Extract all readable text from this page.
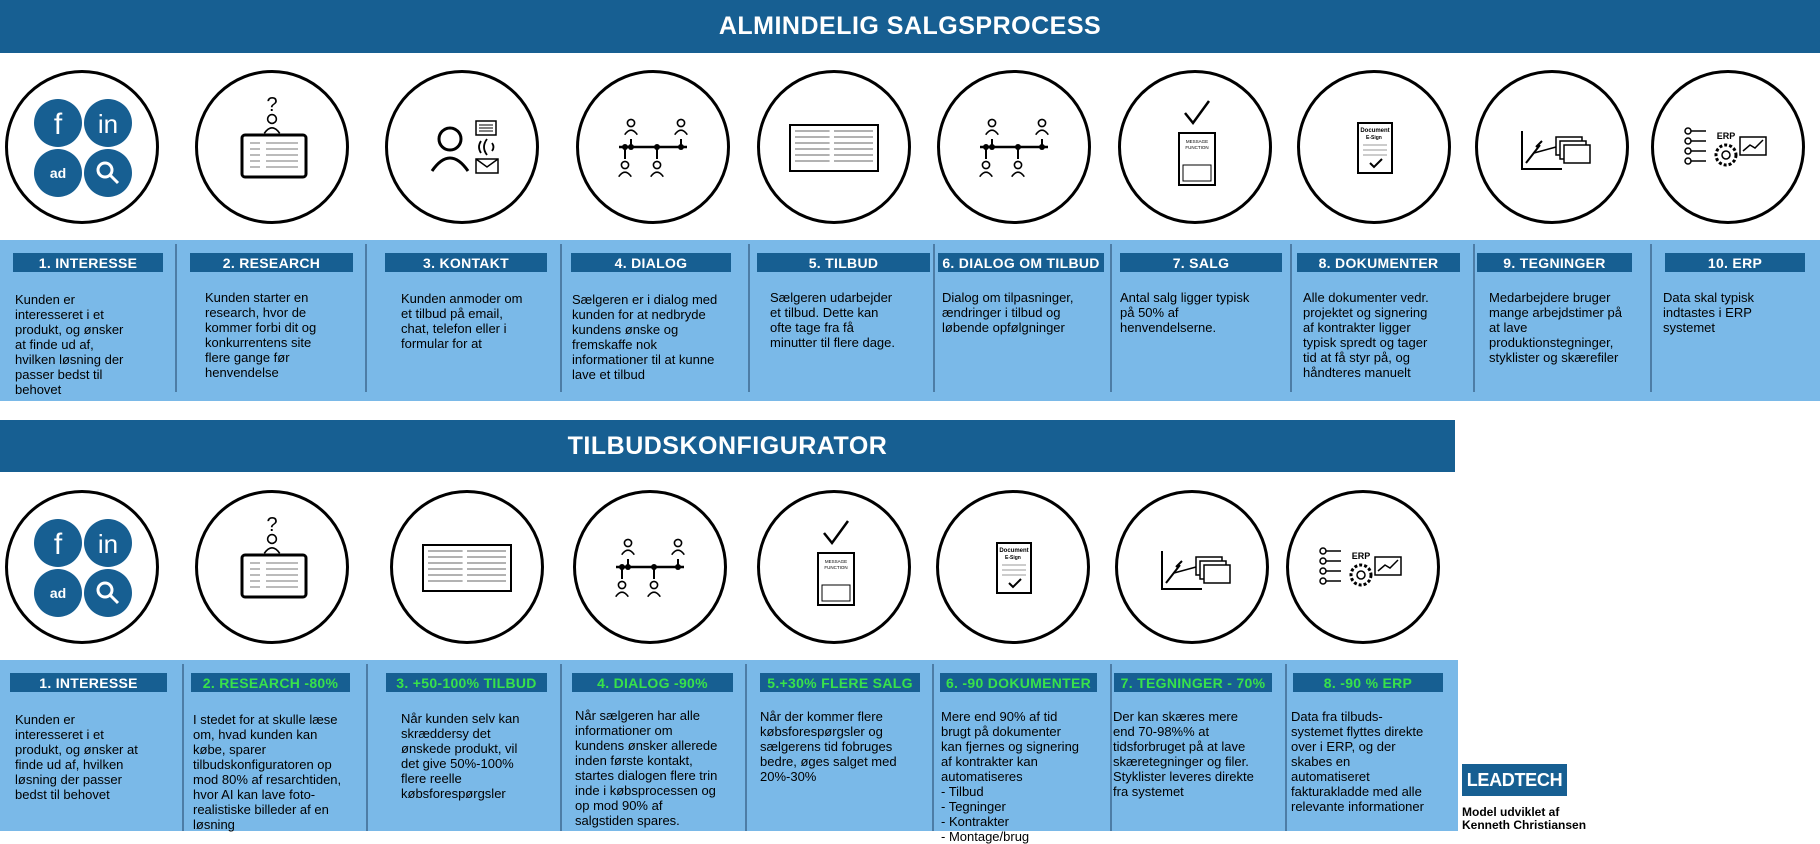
ALMINDELIG SALGSPROCESS
TILBUDSKONFIGURATOR
f in
ad
1. INTERESSE
Kunden er
interesseret i et
produkt, og ønsker
at finde ud af,
hvilken løsning der
passer bedst til
behovet
?
2. RESEARCH
Kunden starter en
research, hvor de
kommer forbi dit og
konkurrentens site
flere gange før
henvendelse
3. KONTAKT
Kunden anmoder om
et tilbud på email,
chat, telefon eller i
formular for at
4. DIALOG
Sælgeren er i dialog med
kunden for at nedbryde
kundens ønske og
fremskaffe nok
informationer til at kunne
lave et tilbud
5. TILBUD
Sælgeren udarbejder
et tilbud. Dette kan
ofte tage fra få
minutter til flere dage.
6. DIALOG OM TILBUD
Dialog om tilpasninger,
ændringer i tilbud og
løbende opfølgninger
MESSAGE
FUNCTION
7. SALG
Antal salg ligger typisk
på 50% af
henvendelserne.
Document
E-Sign
8. DOKUMENTER
Alle dokumenter vedr.
projektet og signering
af kontrakter ligger
typisk spredt og tager
tid at få styr på, og
håndteres manuelt
9. TEGNINGER
Medarbejdere bruger
mange arbejdstimer på
at lave
produktionstegninger,
styklister og skærefiler
ERP
10. ERP
Data skal typisk
indtastes i ERP
systemet
f in
ad
1. INTERESSE
Kunden er
interesseret i et
produkt, og ønsker at
finde ud af, hvilken
løsning der passer
bedst til behovet
?
2. RESEARCH -80%
I stedet for at skulle læse
om, hvad kunden kan
købe, sparer
tilbudskonfiguratoren op
mod 80% af resarchtiden,
hvor AI kan lave foto-
realistiske billeder af en
løsning
3. +50-100% TILBUD
Når kunden selv kan
skræddersy det
ønskede produkt, vil
det give 50%-100%
flere reelle
købsforespørgsler
4. DIALOG -90%
Når sælgeren har alle
informationer om
kundens ønsker allerede
inden første kontakt,
startes dialogen flere trin
inde i købsprocessen og
op mod 90% af
salgstiden spares.
MESSAGE
FUNCTION
5.+30% FLERE SALG
Når der kommer flere
købsforespørgsler og
sælgerens tid fobruges
bedre, øges salget med
20%-30%
Document
E-Sign
6. -90 DOKUMENTER
Mere end 90% af tid
brugt på dokumenter
kan fjernes og signering
af kontrakter kan
automatiseres
- Tilbud
- Tegninger
- Kontrakter
- Montage/brug
7. TEGNINGER - 70%
Der kan skæres mere
end 70-98%% at
tidsforbruget på at lave
skæretegninger og filer.
Styklister leveres direkte
fra systemet
ERP
8. -90 % ERP
Data fra tilbuds-
systemet flyttes direkte
over i ERP, og der
skabes en
automatiseret
fakturakladde med alle
relevante informationer
LEADTECH
Model udviklet af
Kenneth Christiansen
